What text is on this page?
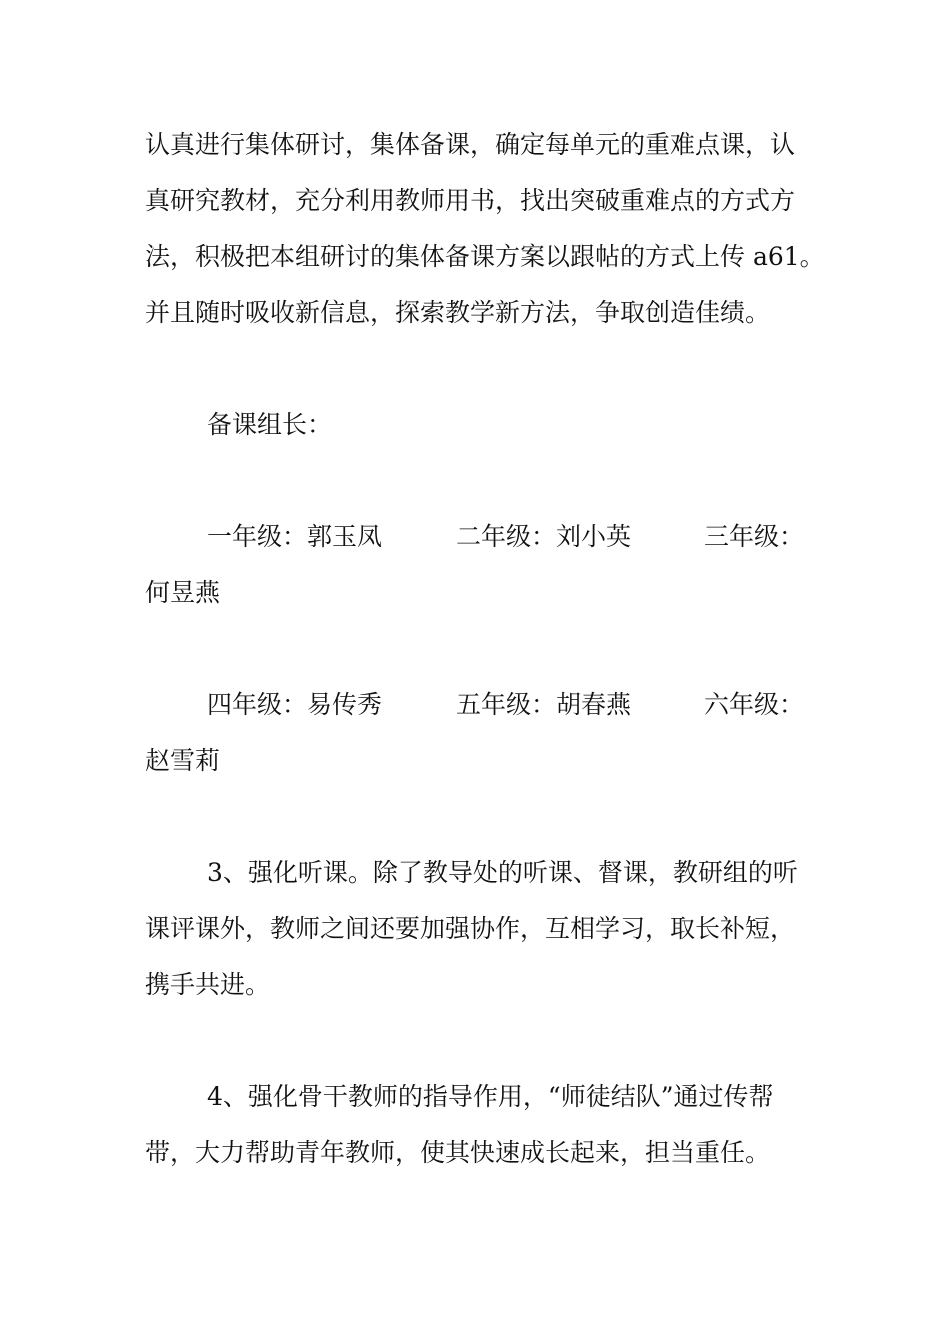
认真进行集体研讨，集体备课，确定每单元的重难点课，认
真研究教材，充分利用教师用书，找出突破重难点的方式方
法，积极把本组研讨的集体备课方案以跟帖的方式上传 a61。
并且随时吸收新信息，探索教学新方法，争取创造佳绩。
备课组长：
一年级：郭玉凤	二年级：刘小英	三年级：
何昱燕
四年级：易传秀	五年级：胡春燕	六年级：
赵雪莉
3、强化听课。除了教导处的听课、督课，教研组的听
课评课外，教师之间还要加强协作，互相学习，取长补短，
携手共进。
4、强化骨干教师的指导作用，“师徒结队”通过传帮
带，大力帮助青年教师，使其快速成长起来，担当重任。
